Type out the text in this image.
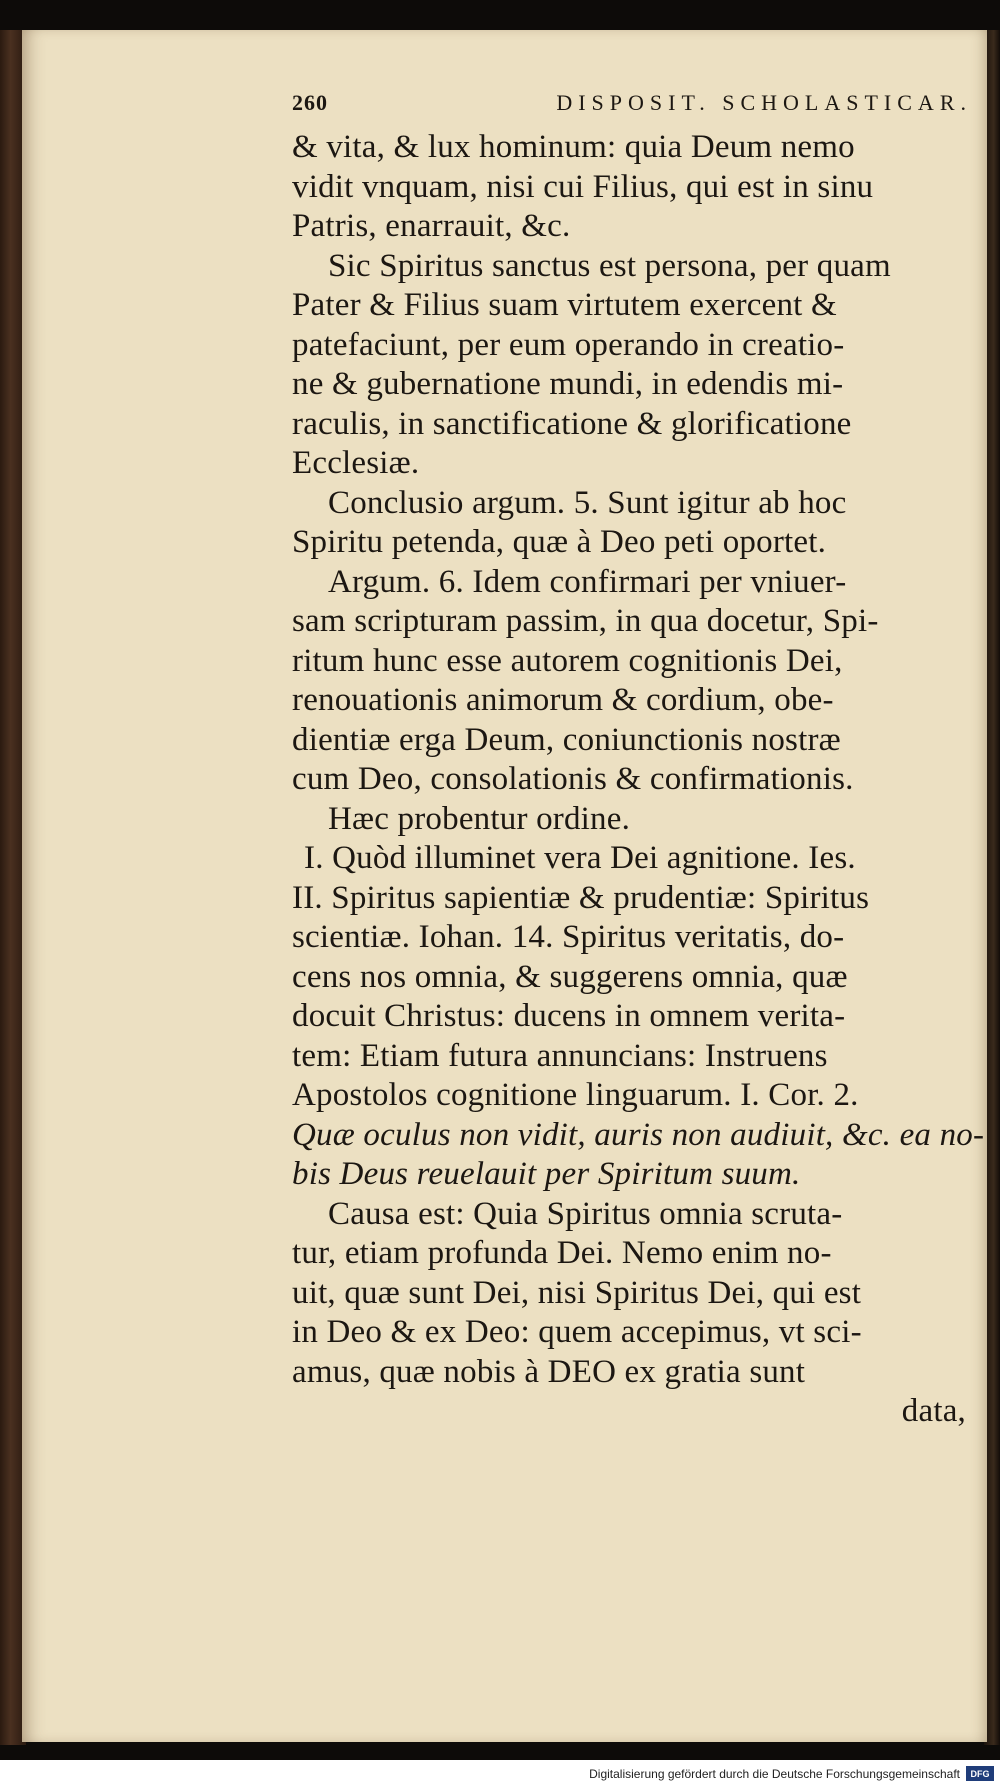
260	DISPOSIT. SCHOLASTICAR.
& vita, & lux hominum: quia Deum nemo
vidit vnquam, nisi cui Filius, qui est in sinu
Patris, enarrauit, &c.
Sic Spiritus sanctus est persona, per quam
Pater & Filius suam virtutem exercent &
patefaciunt, per eum operando in creatio-
ne & gubernatione mundi, in edendis mi-
raculis, in sanctificatione & glorificatione
Ecclesiæ.
Conclusio argum. 5. Sunt igitur ab hoc
Spiritu petenda, quæ à Deo peti oportet.
Argum. 6. Idem confirmari per vniuer-
sam scripturam passim, in qua docetur, Spi-
ritum hunc esse autorem cognitionis Dei,
renouationis animorum & cordium, obe-
dientiæ erga Deum, coniunctionis nostræ
cum Deo, consolationis & confirmationis.
Hæc probentur ordine.
I. Quòd illuminet vera Dei agnitione. Ies.
II. Spiritus sapientiæ & prudentiæ: Spiritus
scientiæ. Iohan. 14. Spiritus veritatis, do-
cens nos omnia, & suggerens omnia, quæ
docuit Christus: ducens in omnem verita-
tem: Etiam futura annuncians: Instruens
Apostolos cognitione linguarum. I. Cor. 2.
Quæ oculus non vidit, auris non audiuit, &c. ea no-
bis Deus reuelauit per Spiritum suum.
Causa est: Quia Spiritus omnia scruta-
tur, etiam profunda Dei. Nemo enim no-
uit, quæ sunt Dei, nisi Spiritus Dei, qui est
in Deo & ex Deo: quem accepimus, vt sci-
amus, quæ nobis à DEO ex gratia sunt
data,
Digitalisierung gefördert durch die Deutsche Forschungsgemeinschaft	DFG
